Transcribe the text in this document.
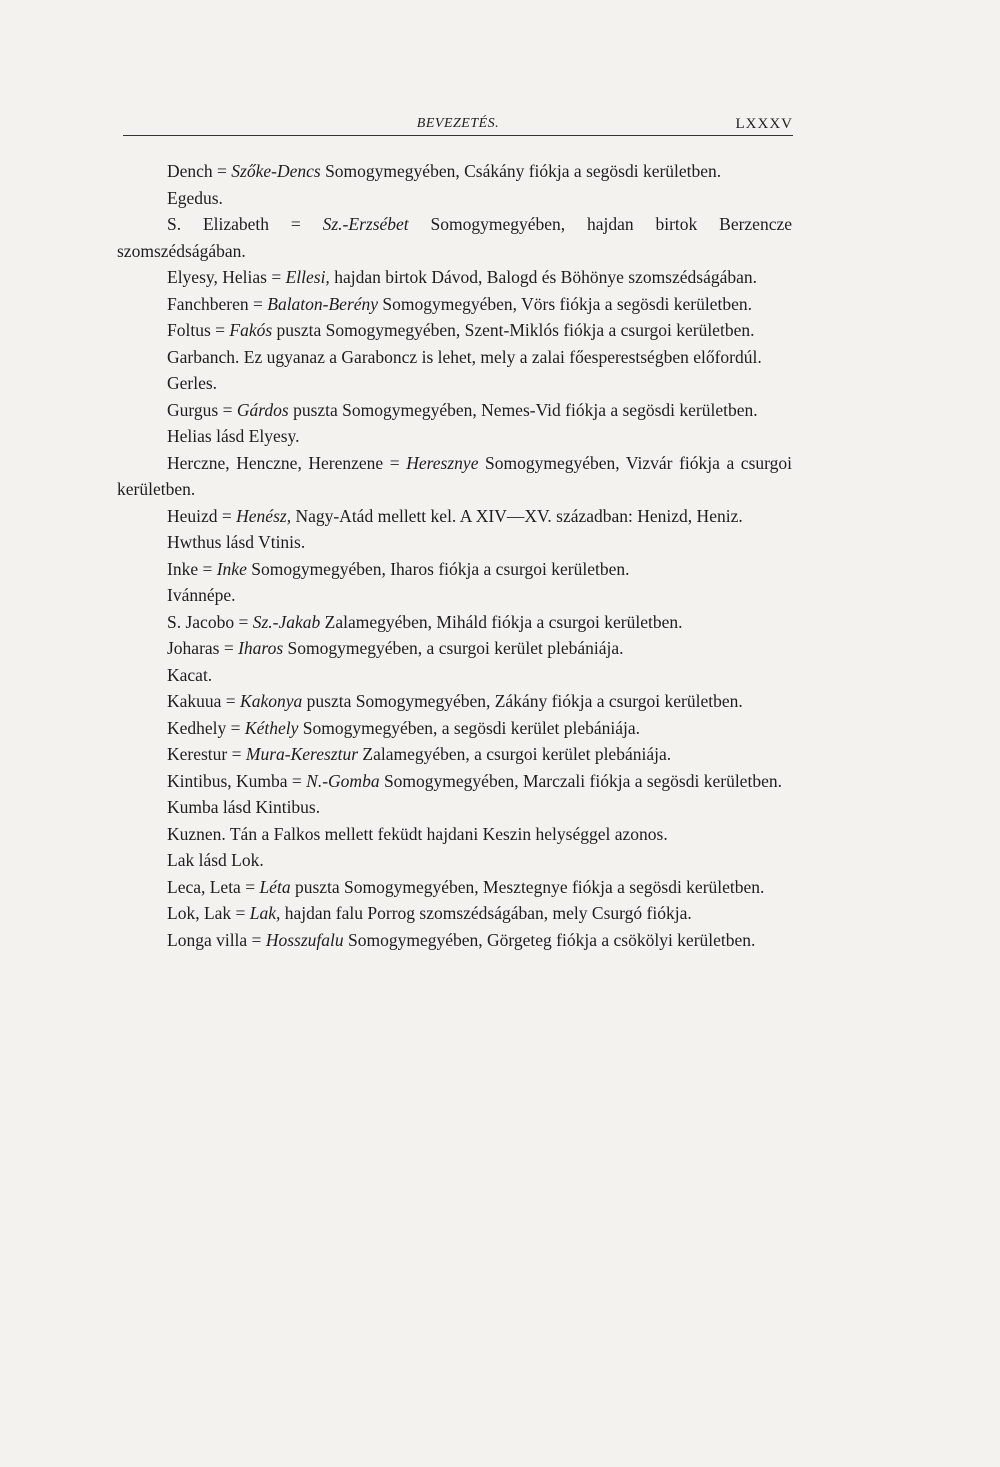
BEVEZETÉS.	LXXXV

Dench = Szőke-Dencs Somogymegyében, Csákány fiókja a segösdi kerületben.

Egedus.

S. Elizabeth = Sz.-Erzsébet Somogymegyében, hajdan birtok Berzencze szomszédságában.

Elyesy, Helias = Ellesi, hajdan birtok Dávod, Balogd és Böhönye szomszédságában.

Fanchberen = Balaton-Berény Somogymegyében, Vörs fiókja a segösdi kerületben.

Foltus = Fakós puszta Somogymegyében, Szent-Miklós fiókja a csurgoi kerületben.

Garbanch. Ez ugyanaz a Garaboncz is lehet, mely a zalai főesperestségben előfordúl.

Gerles.

Gurgus = Gárdos puszta Somogymegyében, Nemes-Vid fiókja a segösdi kerületben.

Helias lásd Elyesy.

Herczne, Henczne, Herenzene = Heresznye Somogymegyében, Vizvár fiókja a csurgoi kerületben.

Heuizd = Henész, Nagy-Atád mellett kel. A XIV—XV. században: Henizd, Heniz.

Hwthus lásd Vtinis.

Inke = Inke Somogymegyében, Iharos fiókja a csurgoi kerületben.

Ivánnépe.

S. Jacobo = Sz.-Jakab Zalamegyében, Miháld fiókja a csurgoi kerületben.

Joharas = Iharos Somogymegyében, a csurgoi kerület plebániája.

Kacat.

Kakuua = Kakonya puszta Somogymegyében, Zákány fiókja a csurgoi kerületben.

Kedhely = Kéthely Somogymegyében, a segösdi kerület plebániája.

Kerestur = Mura-Keresztur Zalamegyében, a csurgoi kerület plebániája.

Kintibus, Kumba = N.-Gomba Somogymegyében, Marczali fiókja a segösdi kerületben.

Kumba lásd Kintibus.

Kuznen. Tán a Falkos mellett feküdt hajdani Keszin helységgel azonos.

Lak lásd Lok.

Leca, Leta = Léta puszta Somogymegyében, Mesztegnye fiókja a segösdi kerületben.

Lok, Lak = Lak, hajdan falu Porrog szomszédságában, mely Csurgó fiókja.

Longa villa = Hosszufalu Somogymegyében, Görgeteg fiókja a csökölyi kerületben.
